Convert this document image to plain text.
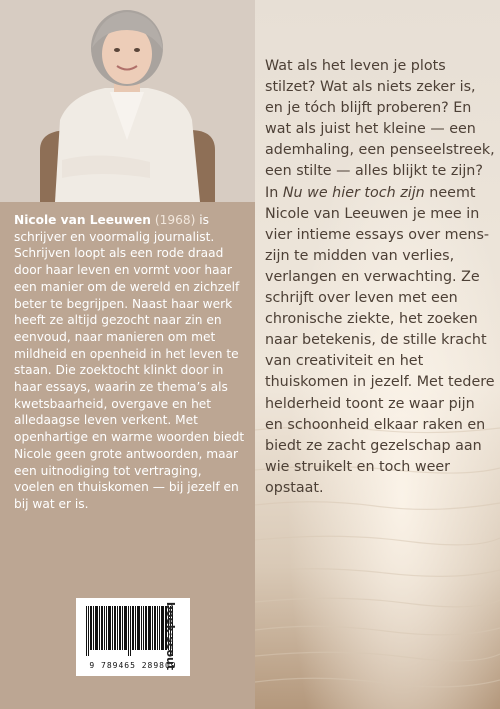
Nicole van Leeuwen (1968) is schrijver en voormalig journalist. Schrijven loopt als een rode draad door haar leven en vormt voor haar een manier om de wereld en zichzelf beter te begrijpen. Naast haar werk heeft ze altijd gezocht naar zin en eenvoud, naar manieren om met mildheid en openheid in het leven te staan. Die zoektocht klinkt door in haar essays, waarin ze thema’s als kwetsbaarheid, overgave en het alledaagse leven verkent. Met openhartige en warme woorden biedt Nicole geen grote antwoorden, maar een uitnodiging tot vertraging, voelen en thuiskomen — bij jezelf en bij wat er is.
9 789465 289809
boek·scout
Wat als het leven je plots stilzet? Wat als niets zeker is, en je tóch blijft proberen? En wat als juist het kleine — een ademhaling, een penseelstreek, een stilte — alles blijkt te zijn? In Nu we hier toch zijn neemt Nicole van Leeuwen je mee in vier intieme essays over mens-zijn te midden van verlies, verlangen en verwachting. Ze schrijft over leven met een chronische ziekte, het zoeken naar betekenis, de stille kracht van creativiteit en het thuiskomen in jezelf. Met tedere helderheid toont ze waar pijn en schoonheid elkaar raken en biedt ze zacht gezelschap aan wie struikelt en toch weer opstaat.
